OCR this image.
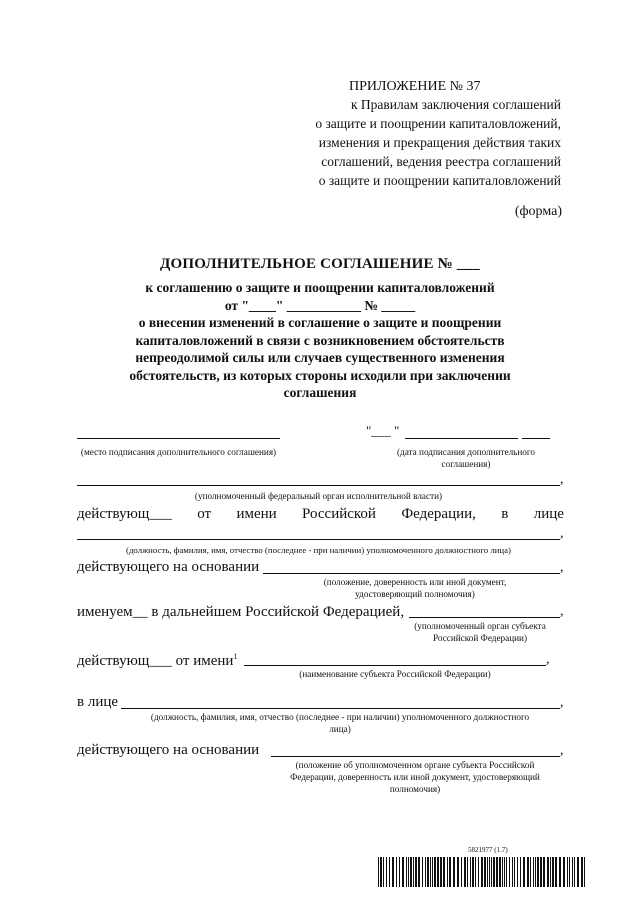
ПРИЛОЖЕНИЕ № 37
к Правилам заключения соглашений
о защите и поощрении капиталовложений,
изменения и прекращения действия таких
соглашений, ведения реестра соглашений
о защите и поощрении капиталовложений
(форма)
ДОПОЛНИТЕЛЬНОЕ СОГЛАШЕНИЕ № ___
к соглашению о защите и поощрении капиталовложений
от "____" ___________ № _____
о внесении изменений в соглашение о защите и поощрении
капиталовложений в связи с возникновением обстоятельств
непреодолимой силы или случаев существенного изменения
обстоятельств, из которых стороны исходили при заключении
соглашения
"___ "
(место подписания дополнительного соглашения)	(дата подписания дополнительного соглашения)
,
(уполномоченный федеральный орган исполнительной власти)
действующ___ от имени Российской Федерации, в лице
,
(должность, фамилия, имя, отчество (последнее - при наличии) уполномоченного должностного лица)
действующего на основании	,
(положение, доверенность или иной документ, удостоверяющий полномочия)
именуем__ в дальнейшем Российской Федерацией,	,
(уполномоченный орган субъекта Российской Федерации)
действующ___ от имени$^1$	,
(наименование субъекта Российской Федерации)
в лице	,
(должность, фамилия, имя, отчество (последнее - при наличии) уполномоченного должностного лица)
действующего на основании	,
(положение об уполномоченном органе субъекта Российской Федерации, доверенность или иной документ, удостоверяющий полномочия)
5821977 (1.7)
